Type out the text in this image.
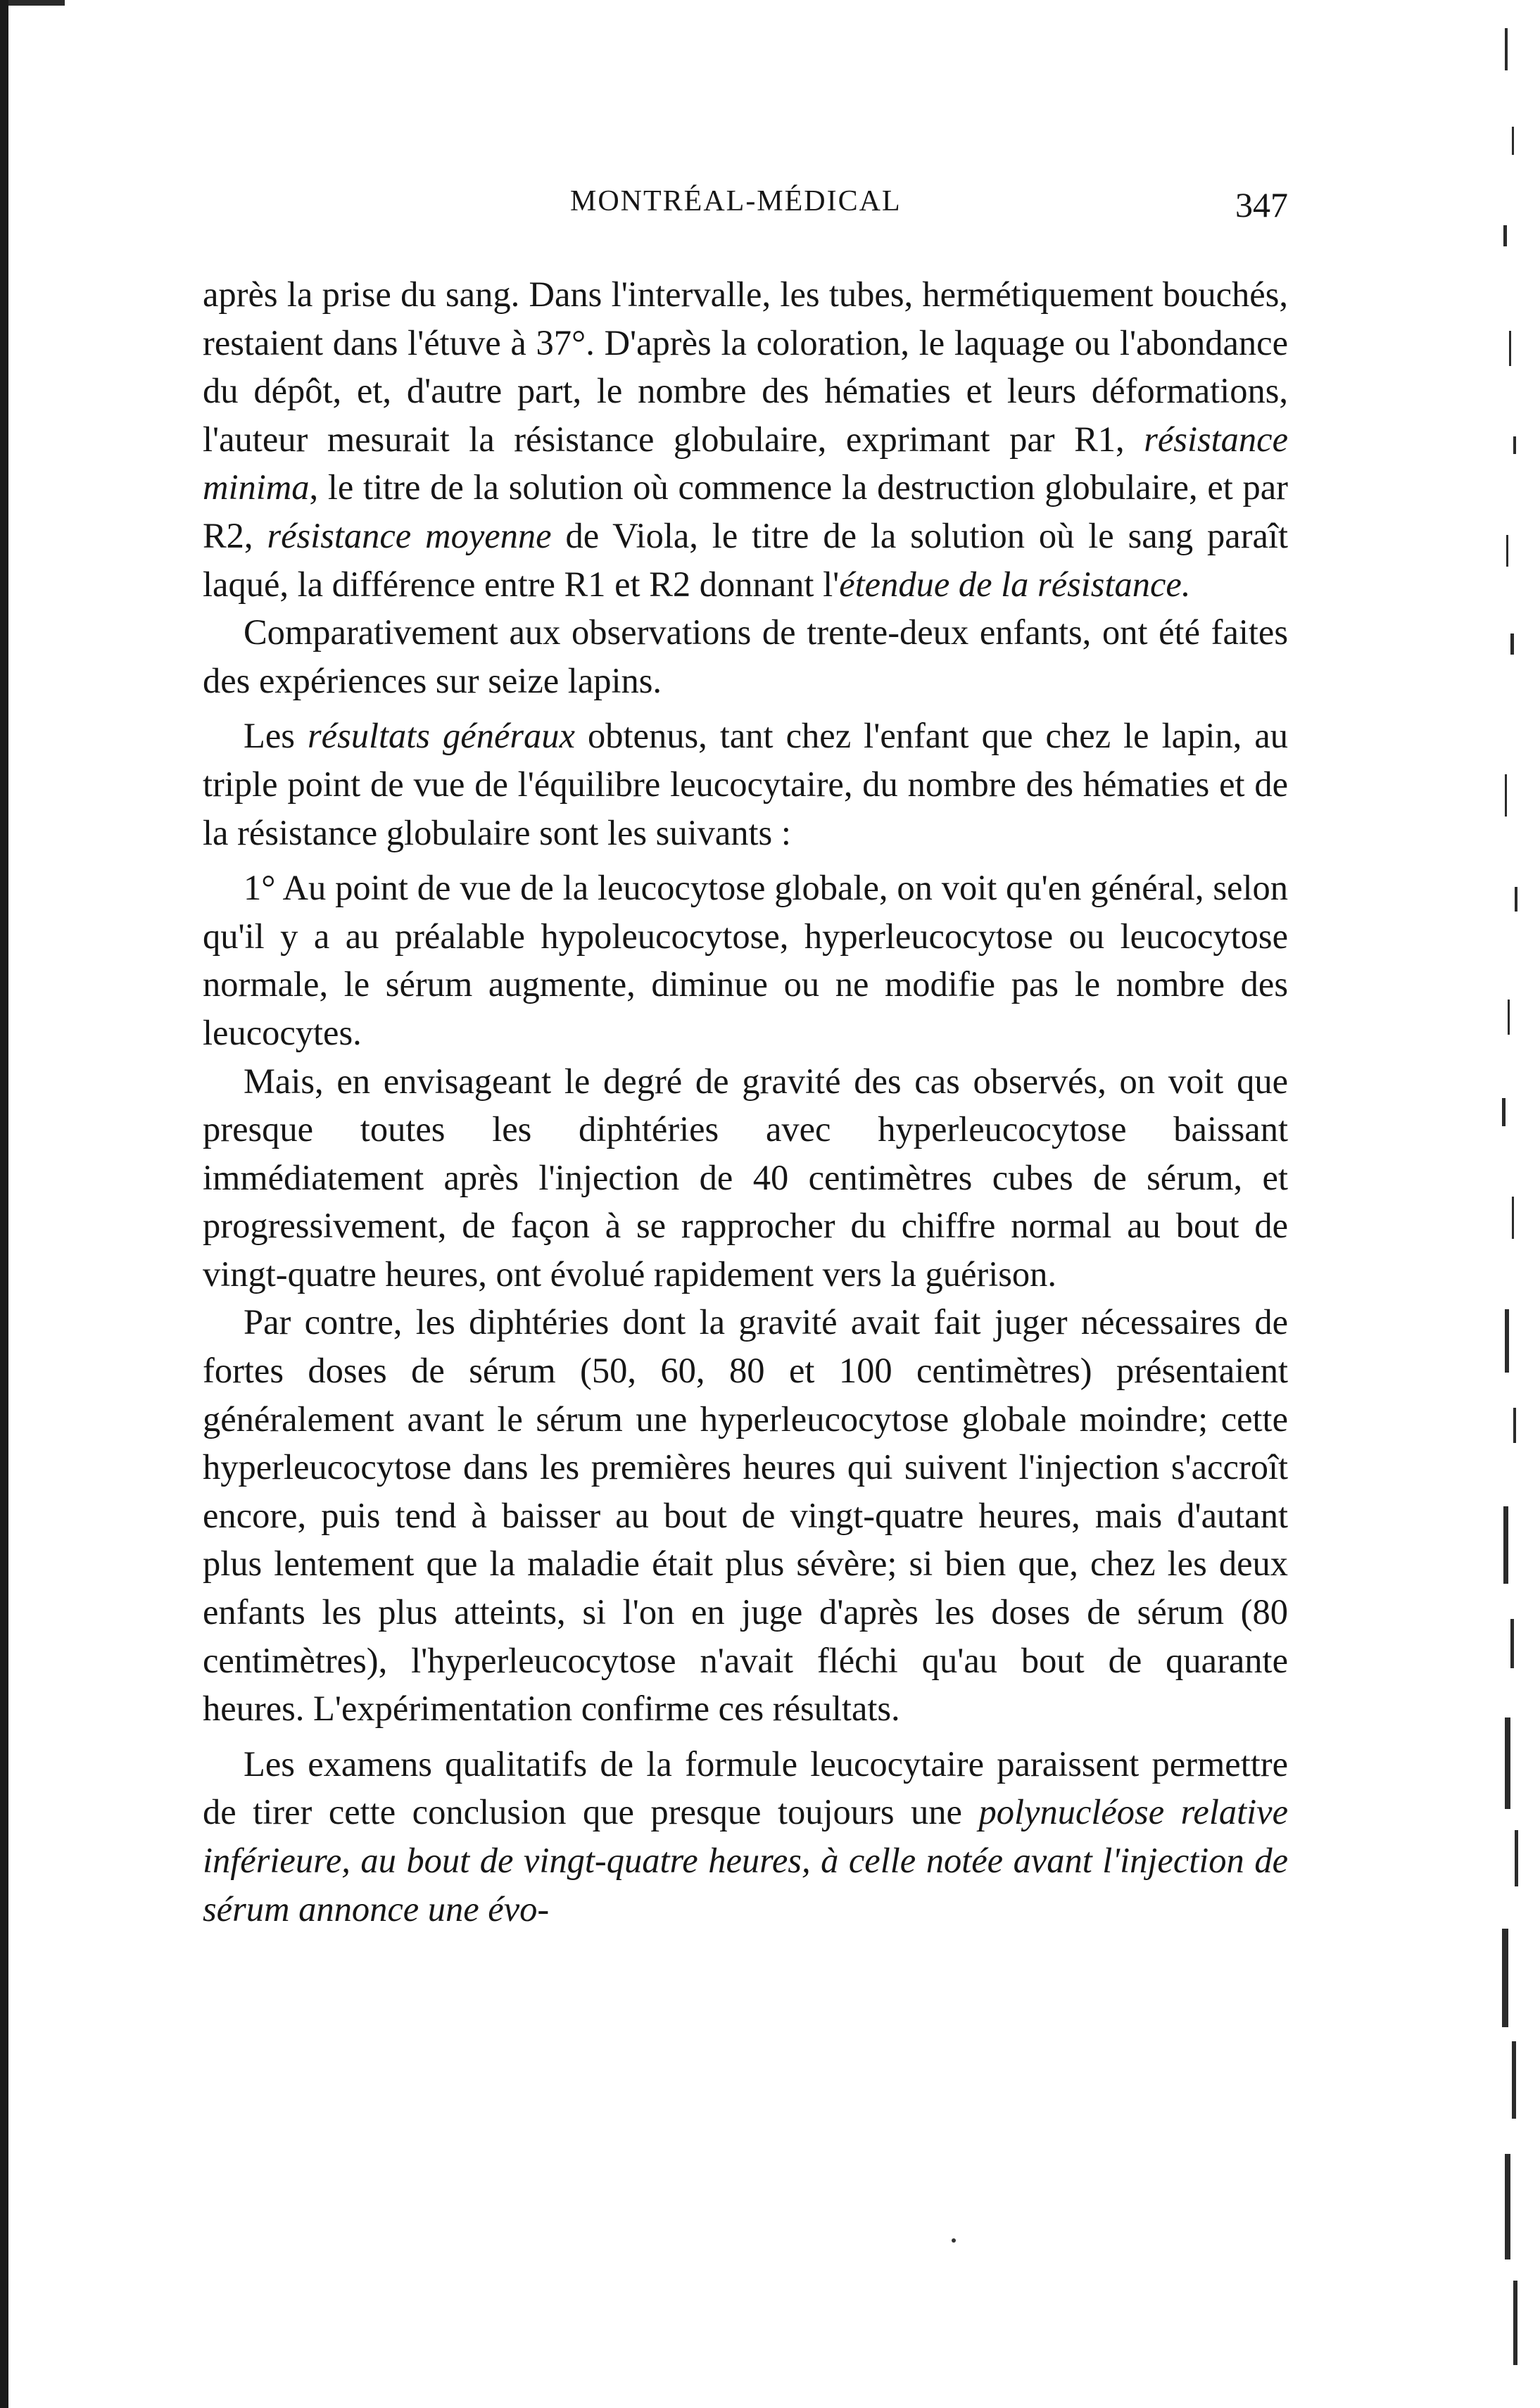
MONTRÉAL-MÉDICAL	347

après la prise du sang. Dans l'intervalle, les tubes, hermétiquement bouchés, restaient dans l'étuve à 37°. D'après la coloration, le laquage ou l'abondance du dépôt, et, d'autre part, le nombre des hématies et leurs déformations, l'auteur mesurait la résistance globulaire, exprimant par R1, résistance minima, le titre de la solution où commence la destruction globulaire, et par R2, résistance moyenne de Viola, le titre de la solution où le sang paraît laqué, la différence entre R1 et R2 donnant l'étendue de la résistance.

Comparativement aux observations de trente-deux enfants, ont été faites des expériences sur seize lapins.

Les résultats généraux obtenus, tant chez l'enfant que chez le lapin, au triple point de vue de l'équilibre leucocytaire, du nombre des hématies et de la résistance globulaire sont les suivants :

1° Au point de vue de la leucocytose globale, on voit qu'en général, selon qu'il y a au préalable hypoleucocytose, hyperleucocytose ou leucocytose normale, le sérum augmente, diminue ou ne modifie pas le nombre des leucocytes.

Mais, en envisageant le degré de gravité des cas observés, on voit que presque toutes les diphtéries avec hyperleucocytose baissant immédiatement après l'injection de 40 centimètres cubes de sérum, et progressivement, de façon à se rapprocher du chiffre normal au bout de vingt-quatre heures, ont évolué rapidement vers la guérison.

Par contre, les diphtéries dont la gravité avait fait juger nécessaires de fortes doses de sérum (50, 60, 80 et 100 centimètres) présentaient généralement avant le sérum une hyperleucocytose globale moindre; cette hyperleucocytose dans les premières heures qui suivent l'injection s'accroît encore, puis tend à baisser au bout de vingt-quatre heures, mais d'autant plus lentement que la maladie était plus sévère; si bien que, chez les deux enfants les plus atteints, si l'on en juge d'après les doses de sérum (80 centimètres), l'hyperleucocytose n'avait fléchi qu'au bout de quarante heures. L'expérimentation confirme ces résultats.

Les examens qualitatifs de la formule leucocytaire paraissent permettre de tirer cette conclusion que presque toujours une polynucléose relative inférieure, au bout de vingt-quatre heures, à celle notée avant l'injection de sérum annonce une évo-
